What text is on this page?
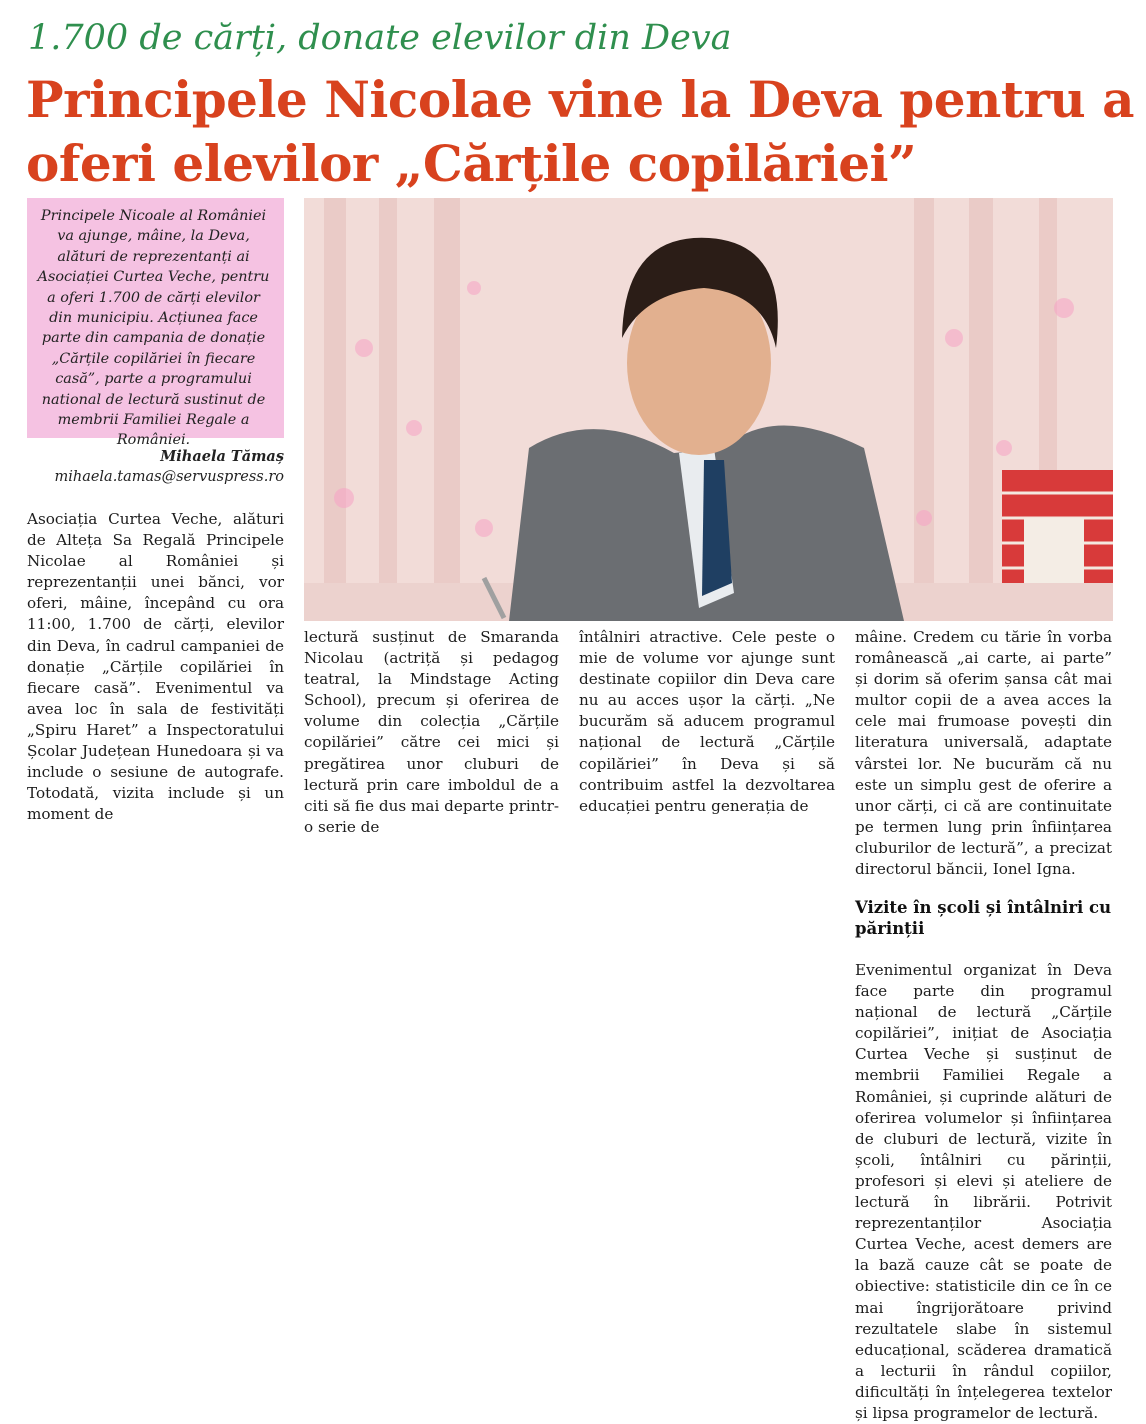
1.700 de cărți, donate elevilor din Deva
Principele Nicolae vine la Deva pentru a oferi elevilor „Cărțile copilăriei”
Principele Nicoale al României va ajunge, mâine, la Deva, alături de reprezentanți ai Asociației Curtea Veche, pentru a oferi 1.700 de cărți elevilor din municipiu. Acțiunea face parte din campania de donație „Cărțile copilăriei în fiecare casă”, parte a programului national de lectură sustinut de membrii Familiei Regale a României.
Mihaela Tămaș
mihaela.tamas@servuspress.ro
Asociația Curtea Veche, alături de Alteța Sa Regală Principele Nicolae al României și reprezentanții unei bănci, vor oferi, mâine, începând cu ora 11:00, 1.700 de cărți, elevilor din Deva, în cadrul campaniei de donație „Cărțile copilăriei în fiecare casă”. Evenimentul va avea loc în sala de festivități „Spiru Haret” a Inspectoratului Școlar Județean Hunedoara și va include o sesiune de autografe. Totodată, vizita include și un moment de
lectură susținut de Smaranda Nicolau (actriță și pedagog teatral, la Mindstage Acting School), precum și oferirea de volume din colecția „Cărțile copilăriei” către cei mici și pregătirea unor cluburi de lectură prin care imboldul de a citi să fie dus mai departe printr-o serie de
întâlniri atractive. Cele peste o mie de volume vor ajunge sunt destinate copiilor din Deva care nu au acces ușor la cărți. „Ne bucurăm să aducem programul național de lectură „Cărțile copilăriei” în Deva și să contribuim astfel la dezvoltarea educației pentru generația de
mâine. Credem cu tărie în vorba românească „ai carte, ai parte” și dorim să oferim șansa cât mai multor copii de a avea acces la cele mai frumoase povești din literatura universală, adaptate vârstei lor. Ne bucurăm că nu este un simplu gest de oferire a unor cărți, ci că are continuitate pe termen lung prin înființarea cluburilor de lectură”, a precizat directorul băncii, Ionel Igna.
Vizite în școli și întâlniri cu părinții
Evenimentul organizat în Deva face parte din programul național de lectură „Cărțile copilăriei”, inițiat de Asociația Curtea Veche și susținut de membrii Familiei Regale a României, și cuprinde alături de oferirea volumelor și înființarea de cluburi de lectură, vizite în școli, întâlniri cu părinții, profesori și elevi și ateliere de lectură în librării. Potrivit reprezentanților Asociația Curtea Veche, acest demers are la bază cauze cât se poate de obiective: statisticile din ce în ce mai îngrijorătoare privind rezultatele slabe în sistemul educațional, scăderea dramatică a lecturii în rândul copiilor, dificultăți în înțelegerea textelor și lipsa programelor de lectură.
